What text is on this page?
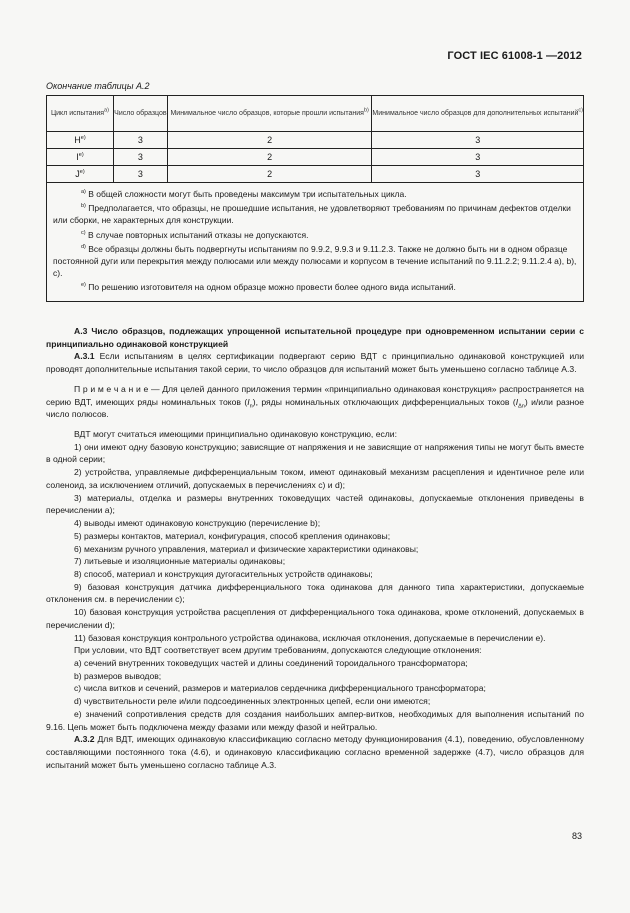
ГОСТ IEC 61008-1 —2012
Окончание таблицы А.2
Цикл испытания$^{a)}$	Число образцов	Минимальное число образцов, которые прошли испытания$^{b)}$	Минимальное число образцов для дополнительных испытаний$^{c)}$
$H^{e)}$	3	2	3
$I^{e)}$	3	2	3
$J^{e)}$	3	2	3

$^{a)}$ В общей сложности могут быть проведены максимум три испытательных цикла.

$^{b)}$ Предполагается, что образцы, не прошедшие испытания, не удовлетворяют требованиям по причинам дефектов отделки или сборки, не характерных для конструкции.

$^{c)}$ В случае повторных испытаний отказы не допускаются.

$^{d)}$ Все образцы должны быть подвергнуты испытаниям по 9.9.2, 9.9.3 и 9.11.2.3. Также не должно быть ни в одном образце постоянной дуги или перекрытия между полюсами или между полюсами и корпусом в течение испытаний по 9.11.2.2; 9.11.2.4 а), b), с).

$^{e)}$ По решению изготовителя на одном образце можно провести более одного вида испытаний.			

А.3 Число образцов, подлежащих упрощенной испытательной процедуре при одновременном испытании серии с принципиально одинаковой конструкцией

А.3.1 Если испытаниям в целях сертификации подвергают серию ВДТ с принципиально одинаковой конструкцией или проводят дополнительные испытания такой серии, то число образцов для испытаний может быть уменьшено согласно таблице А.3.

П р и м е ч а н и е — Для целей данного приложения термин «принципиально одинаковая конструкция» распространяется на серию ВДТ, имеющих ряды номинальных токов $(I_n)$, ряды номинальных отключающих дифференциальных токов $(I_{\Delta n})$ и/или разное число полюсов.

ВДТ могут считаться имеющими принципиально одинаковую конструкцию, если:

1) они имеют одну базовую конструкцию; зависящие от напряжения и не зависящие от напряжения типы не могут быть вместе в одной серии;

2) устройства, управляемые дифференциальным током, имеют одинаковый механизм расцепления и идентичное реле или соленоид, за исключением отличий, допускаемых в перечислениях с) и d);

3) материалы, отделка и размеры внутренних токоведущих частей одинаковы, допускаемые отклонения приведены в перечислении а);

4) выводы имеют одинаковую конструкцию (перечисление b);

5) размеры контактов, материал, конфигурация, способ крепления одинаковы;

6) механизм ручного управления, материал и физические характеристики одинаковы;

7) литьевые и изоляционные материалы одинаковы;

8) способ, материал и конструкция дугогасительных устройств одинаковы;

9) базовая конструкция датчика дифференциального тока одинакова для данного типа характеристики, допускаемые отклонения см. в перечислении с);

10) базовая конструкция устройства расцепления от дифференциального тока одинакова, кроме отклонений, допускаемых в перечислении d);

11) базовая конструкция контрольного устройства одинакова, исключая отклонения, допускаемые в перечислении е).

При условии, что ВДТ соответствует всем другим требованиям, допускаются следующие отклонения:

а) сечений внутренних токоведущих частей и длины соединений тороидального трансформатора;

b) размеров выводов;

с) числа витков и сечений, размеров и материалов сердечника дифференциального трансформатора;

d) чувствительности реле и/или подсоединенных электронных цепей, если они имеются;

е) значений сопротивления средств для создания наибольших ампер-витков, необходимых для выполнения испытаний по 9.16. Цепь может быть подключена между фазами или между фазой и нейтралью.

А.3.2 Для ВДТ, имеющих одинаковую классификацию согласно методу функционирования (4.1), поведению, обусловленному составляющими постоянного тока (4.6), и одинаковую классификацию согласно временной задержке (4.7), число образцов для испытаний может быть уменьшено согласно таблице А.3.

83
